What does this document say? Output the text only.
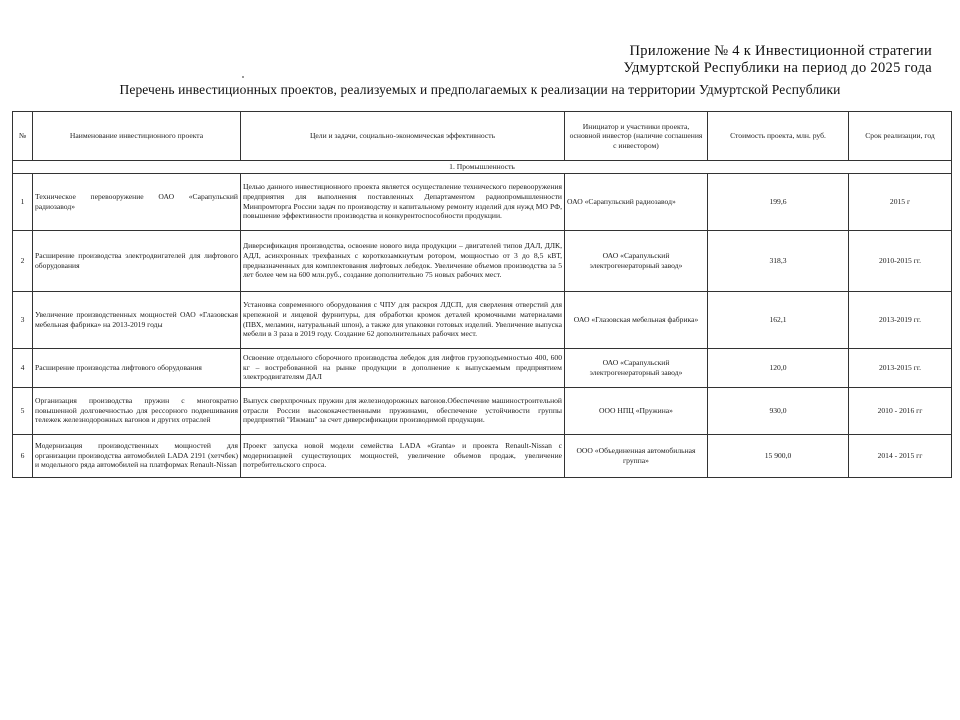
Приложение № 4 к Инвестиционной стратегии
Удмуртской Республики на период до 2025 года
Перечень инвестиционных проектов, реализуемых и предполагаемых к реализации на территории Удмуртской Республики
№	Наименование инвестиционного проекта	Цели и задачи, социально-экономическая эффективность	Инициатор и участники проекта, основной инвестор (наличие соглашения с инвестором)	Стоимость проекта, млн. руб.	Срок реализации, год
1. Промышленность					
1	Техническое перевооружение ОАО «Сарапульский радиозавод»	Целью данного инвестиционного проекта является осуществление технического перевооружения предприятия для выполнения поставленных Департаментом радиопромышленности Минпромторга России задач по производству и капитальному ремонту изделий для нужд МО РФ, повышение эффективности производства и конкурентоспособности продукции.	ОАО «Сарапульский радиозавод»	199,6	2015 г
2	Расширение производства электродвигателей для лифтового оборудования	Диверсификация производства, освоение нового вида продукции – двигателей типов ДАЛ, ДЛК, АДЛ, асинхронных трехфазных с короткозамкнутым ротором, мощностью от 3 до 8,5 кВТ, предназначенных для комплектования лифтовых лебедок. Увеличение объемов производства за 5 лет более чем на 600 млн.руб., создание дополнительно 75 новых рабочих мест.	ОАО «Сарапульский электрогенераторный завод»	318,3	2010-2015 гг.
3	Увеличение производственных мощностей ОАО «Глазовская мебельная фабрика» на 2013-2019 годы	Установка современного оборудования с ЧПУ для раскроя ЛДСП, для сверления отверстий для крепежной и лицевой фурнитуры, для обработки кромок деталей кромочными материалами (ПВХ, меламин, натуральный шпон), а также для упаковки готовых изделий. Увеличение выпуска мебели в 3 раза в 2019 году. Создание 62 дополнительных рабочих мест.	ОАО «Глазовская мебельная фабрика»	162,1	2013-2019 гг.
4	Расширение производства лифтового оборудования	Освоение отдельного сборочного производства лебедок для лифтов грузоподъемностью 400, 600 кг – востребованной на рынке продукции в дополнение к выпускаемым предприятием электродвигателям ДАЛ	ОАО «Сарапульский электрогенераторный завод»	120,0	2013-2015 гг.
5	Организация производства пружин с многократно повышенной долговечностью для рессорного подвешивания тележек железнодорожных вагонов и других отраслей	Выпуск сверхпрочных пружин для железнодорожных вагонов.Обеспечение машиностроительной отрасли России высококачественными пружинами, обеспечение устойчивости группы предприятий "Ижмаш" за счет диверсификации производимой продукции.	ООО НПЦ «Пружина»	930,0	2010 - 2016 гг
6	Модернизация производственных мощностей для организации производства автомобилей LADA 2191 (хетчбек) и модельного ряда автомобилей на платформах Renault-Nissan	Проект запуска новой модели семейства LADA «Granta» и проекта Renault-Nissan с модернизацией существующих мощностей, увеличение объемов продаж, увеличение потребительского спроса.	ООО «Объединенная автомобильная группа»	15 900,0	2014 - 2015 гг
